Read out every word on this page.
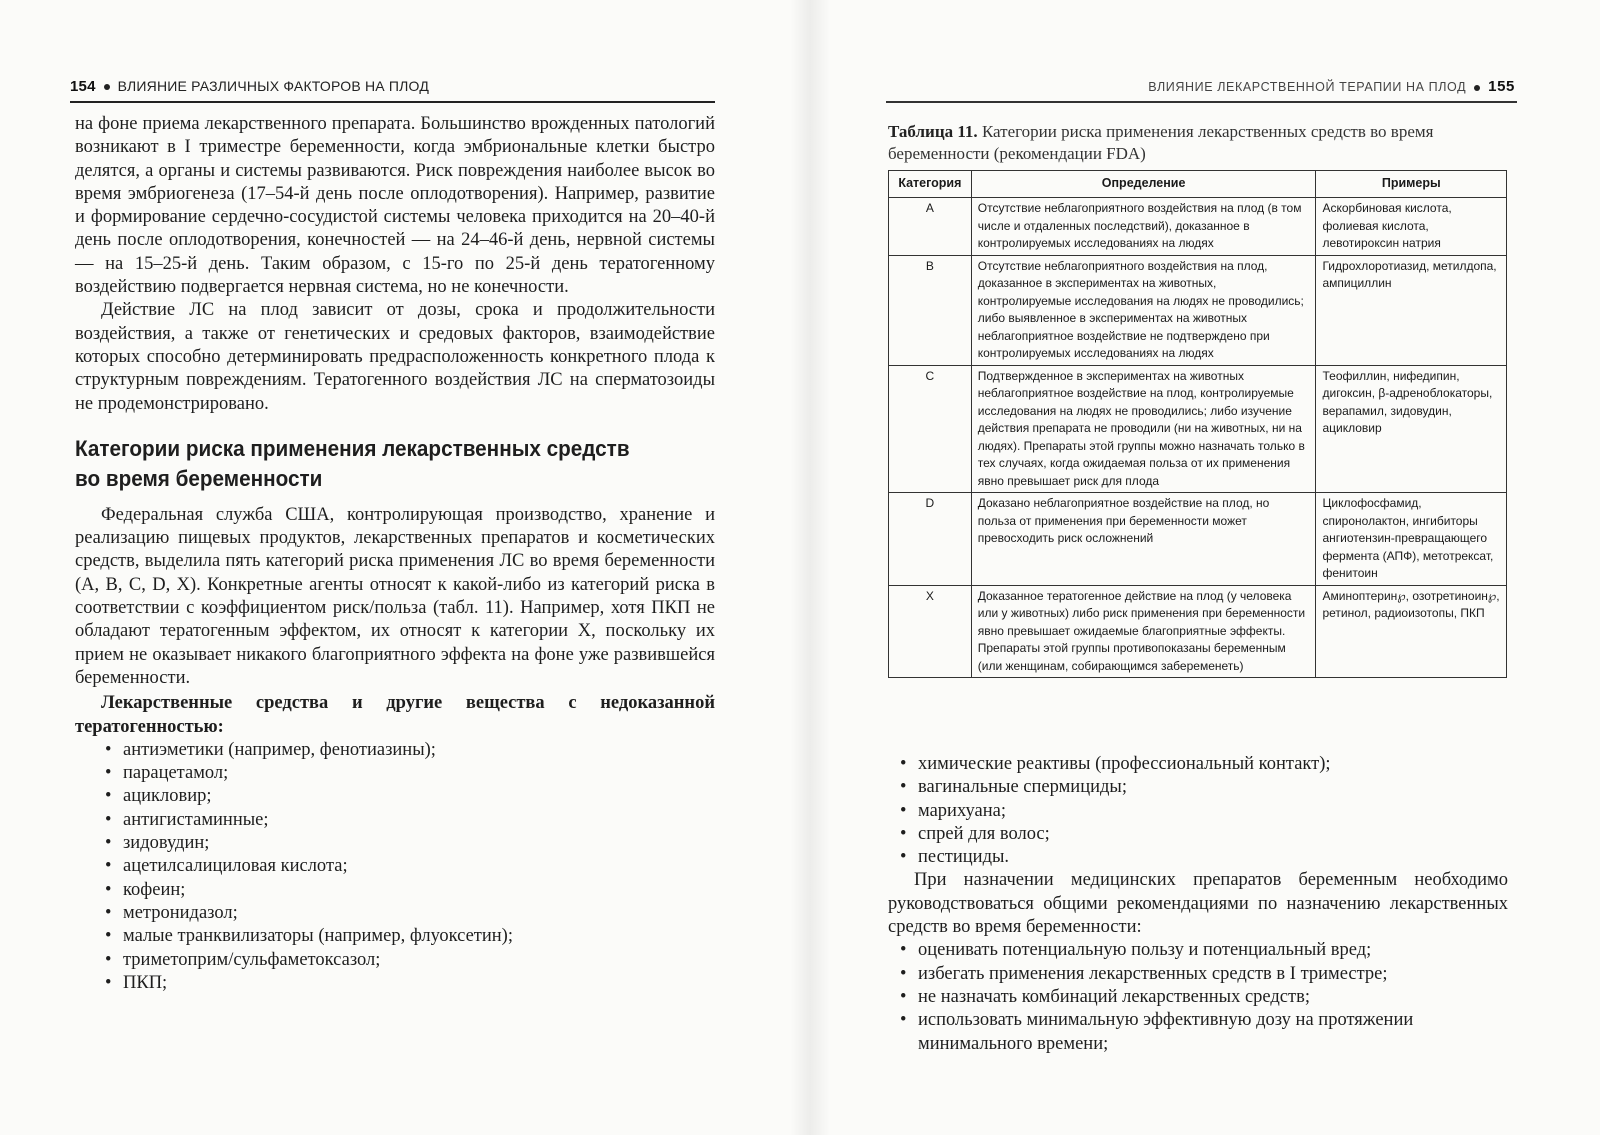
154 ВЛИЯНИЕ РАЗЛИЧНЫХ ФАКТОРОВ НА ПЛОД

на фоне приема лекарственного препарата. Большинство врожденных патологий возникают в I триместре беременности, когда эмбриональные клетки быстро делятся, а органы и системы развиваются. Риск повреждения наиболее высок во время эмбриогенеза (17–54-й день после оплодотворения). Например, развитие и формирование сердечно-сосудистой системы человека приходится на 20–40-й день после оплодотворения, конечностей — на 24–46-й день, нервной системы — на 15–25-й день. Таким образом, с 15-го по 25-й день тератогенному воздействию подвергается нервная система, но не конечности.

Действие ЛС на плод зависит от дозы, срока и продолжительности воздействия, а также от генетических и средовых факторов, взаимодействие которых способно детерминировать предрасположенность конкретного плода к структурным повреждениям. Тератогенного воздействия ЛС на сперматозоиды не продемонстрировано.

Категории риска применения лекарственных средств
во время беременности

Федеральная служба США, контролирующая производство, хранение и реализацию пищевых продуктов, лекарственных препаратов и косметических средств, выделила пять категорий риска применения ЛС во время беременности (A, B, C, D, X). Конкретные агенты относят к какой-либо из категорий риска в соответствии с коэффициентом риск/польза (табл. 11). Например, хотя ПКП не обладают тератогенным эффектом, их относят к категории X, поскольку их прием не оказывает никакого благоприятного эффекта на фоне уже развившейся беременности.

Лекарственные средства и другие вещества с недоказанной тератогенностью:

• антиэметики (например, фенотиазины);
• парацетамол;
• ацикловир;
• антигистаминные;
• зидовудин;
• ацетилсалициловая кислота;
• кофеин;
• метронидазол;
• малые транквилизаторы (например, флуоксетин);
• триметоприм/сульфаметоксазол;
• ПКП;
ВЛИЯНИЕ ЛЕКАРСТВЕННОЙ ТЕРАПИИ НА ПЛОД 155
Таблица 11. Категории риска применения лекарственных средств во время беременности (рекомендации FDA)
Категория	Определение	Примеры
A	Отсутствие неблагоприятного воздействия на плод (в том числе и отдаленных последствий), доказанное в контролируемых исследованиях на людях	Аскорбиновая кислота, фолиевая кислота, левотироксин натрия
B	Отсутствие неблагоприятного воздействия на плод, доказанное в экспериментах на животных, контролируемые исследования на людях не проводились; либо выявленное в экспериментах на животных неблагоприятное воздействие не подтверждено при контролируемых исследованиях на людях	Гидрохлоротиазид, метилдопа, ампициллин
C	Подтвержденное в экспериментах на животных неблагоприятное воздействие на плод, контролируемые исследования на людях не проводились; либо изучение действия препарата не проводили (ни на животных, ни на людях). Препараты этой группы можно назначать только в тех случаях, когда ожидаемая польза от их применения явно превышает риск для плода	Теофиллин, нифедипин, дигоксин, β-адреноблокаторы, верапамил, зидовудин, ацикловир
D	Доказано неблагоприятное воздействие на плод, но польза от применения при беременности может превосходить риск осложнений	Циклофосфамид, спиронолактон, ингибиторы ангиотензин-превращающего фермента (АПФ), метотрексат, фенитоин
X	Доказанное тератогенное действие на плод (у человека или у животных) либо риск применения при беременности явно превышает ожидаемые благоприятные эффекты. Препараты этой группы противопоказаны беременным (или женщинам, собирающимся забеременеть)	Аминоптерин℘, озотретиноин℘, ретинол, радиоизотопы, ПКП
• химические реактивы (профессиональный контакт);
• вагинальные спермициды;
• марихуана;
• спрей для волос;
• пестициды.

При назначении медицинских препаратов беременным необходимо руководствоваться общими рекомендациями по назначению лекарственных средств во время беременности:

• оценивать потенциальную пользу и потенциальный вред;
• избегать применения лекарственных средств в I триместре;
• не назначать комбинаций лекарственных средств;
• использовать минимальную эффективную дозу на протяжении минимального времени;
